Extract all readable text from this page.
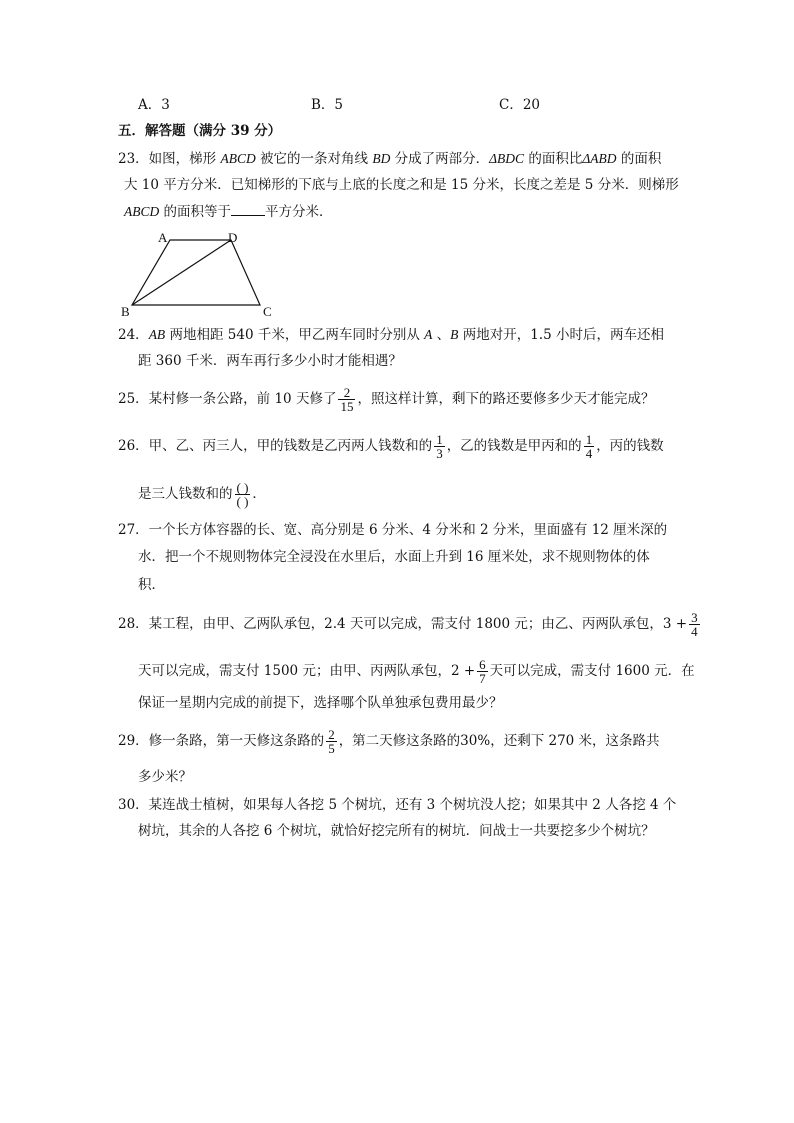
A．3	B．5	C．20
五．解答题（满分 39 分）
23．如图，梯形 ABCD 被它的一条对角线 BD 分成了两部分．ΔBDC 的面积比ΔABD 的面积
大 10 平方分米．已知梯形的下底与上底的长度之和是 15 分米，长度之差是 5 分米．则梯形
ABCD 的面积等于	平方分米．
A	D
B	C
24．AB 两地相距 540 千米，甲乙两车同时分别从 A 、B 两地对开，1.5 小时后，两车还相
距 360 千米．两车再行多少小时才能相遇？
25．某村修一条公路，前 10 天修了 $\frac{2}{15}$ ，照这样计算，剩下的路还要修多少天才能完成？
26．甲、乙、丙三人，甲的钱数是乙丙两人钱数和的 $\frac{1}{3}$ ，乙的钱数是甲丙和的 $\frac{1}{4}$ ，丙的钱数
是三人钱数和的 $\frac{( )}{( )}$ ．
27．一个长方体容器的长、宽、高分别是 6 分米、4 分米和 2 分米，里面盛有 12 厘米深的
水．把一个不规则物体完全浸没在水里后，水面上升到 16 厘米处，求不规则物体的体
积．
28．某工程，由甲、乙两队承包，2.4 天可以完成，需支付 1800 元；由乙、丙两队承包，$3 + \frac{3}{4}$
天可以完成，需支付 1500 元；由甲、丙两队承包，$2 + \frac{6}{7}$ 天可以完成，需支付 1600 元．在
保证一星期内完成的前提下，选择哪个队单独承包费用最少？
29．修一条路，第一天修这条路的 $\frac{2}{5}$ ，第二天修这条路的30%，还剩下 270 米，这条路共
多少米？
30．某连战士植树，如果每人各挖 5 个树坑，还有 3 个树坑没人挖；如果其中 2 人各挖 4 个
树坑，其余的人各挖 6 个树坑，就恰好挖完所有的树坑．问战士一共要挖多少个树坑？
